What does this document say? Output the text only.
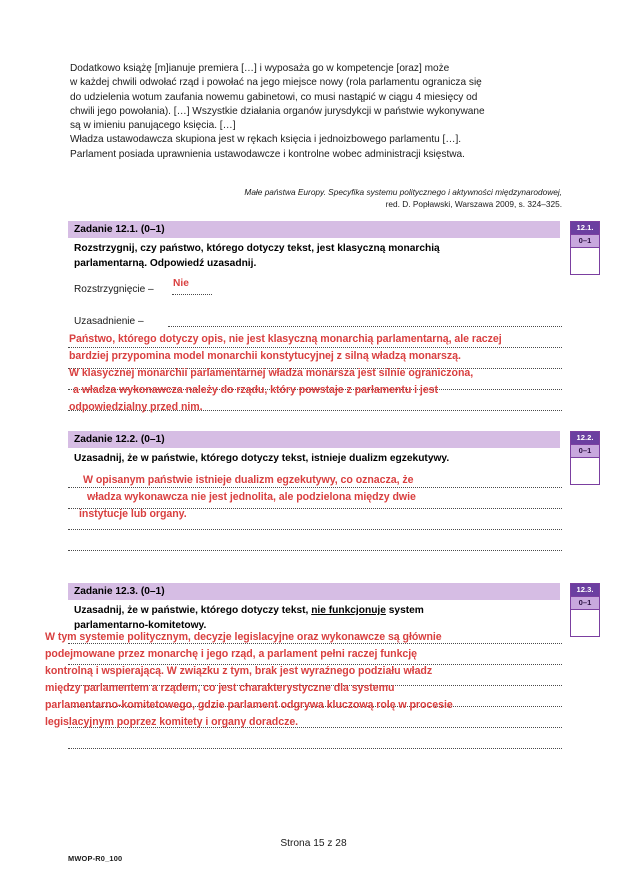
Dodatkowo książę [m]ianuje premiera […] i wyposaża go w kompetencje [oraz] może
w każdej chwili odwołać rząd i powołać na jego miejsce nowy (rola parlamentu ogranicza się
do udzielenia wotum zaufania nowemu gabinetowi, co musi nastąpić w ciągu 4 miesięcy od
chwili jego powołania). […] Wszystkie działania organów jurysdykcji w państwie wykonywane
są w imieniu panującego księcia. […]
Władza ustawodawcza skupiona jest w rękach księcia i jednoizbowego parlamentu […].
Parlament posiada uprawnienia ustawodawcze i kontrolne wobec administracji księstwa.
Małe państwa Europy. Specyfika systemu politycznego i aktywności międzynarodowej,
red. D. Popławski, Warszawa 2009, s. 324–325.
Zadanie 12.1. (0–1)
Rozstrzygnij, czy państwo, którego dotyczy tekst, jest klasyczną monarchią
parlamentarną. Odpowiedź uzasadnij.
12.1.
0–1
Rozstrzygnięcie –
Nie
Uzasadnienie –
Państwo, którego dotyczy opis, nie jest klasyczną monarchią parlamentarną, ale raczej
bardziej przypomina model monarchii konstytucyjnej z silną władzą monarszą.
W klasycznej monarchii parlamentarnej władza monarsza jest silnie ograniczona,
a władza wykonawcza należy do rządu, który powstaje z parlamentu i jest
odpowiedzialny przed nim.
Zadanie 12.2. (0–1)
Uzasadnij, że w państwie, którego dotyczy tekst, istnieje dualizm egzekutywy.
12.2.
0–1
W opisanym państwie istnieje dualizm egzekutywy, co oznacza, że
władza wykonawcza nie jest jednolita, ale podzielona między dwie
instytucje lub organy.
Zadanie 12.3. (0–1)
Uzasadnij, że w państwie, którego dotyczy tekst, nie funkcjonuje system
parlamentarno-komitetowy.
12.3.
0–1
W tym systemie politycznym, decyzje legislacyjne oraz wykonawcze są głównie
podejmowane przez monarchę i jego rząd, a parlament pełni raczej funkcję
kontrolną i wspierającą. W związku z tym, brak jest wyraźnego podziału władz
między parlamentem a rządem, co jest charakterystyczne dla systemu
parlamentarno-komitetowego, gdzie parlament odgrywa kluczową rolę w procesie
legislacyjnym poprzez komitety i organy doradcze.
Strona 15 z 28
MWOP-R0_100
